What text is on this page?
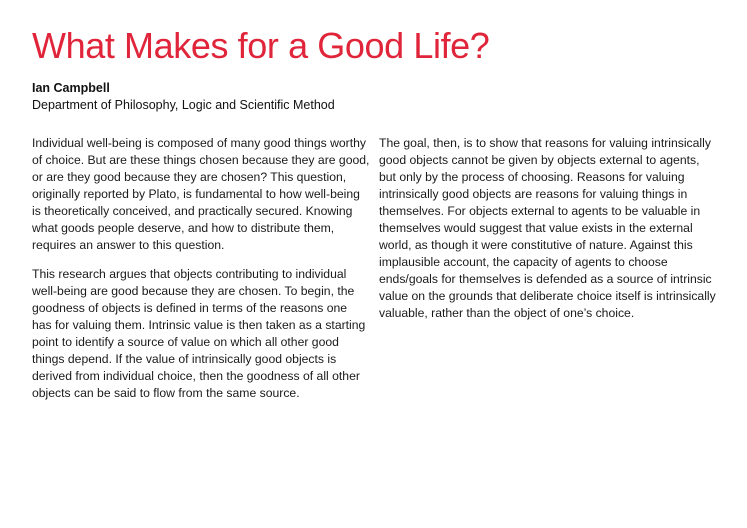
What Makes for a Good Life?
Ian Campbell
Department of Philosophy, Logic and Scientific Method

Individual well-being is composed of many good things worthy of choice. But are these things chosen because they are good, or are they good because they are chosen? This question, originally reported by Plato, is fundamental to how well-being is theoretically conceived, and practically secured. Knowing what goods people deserve, and how to distribute them, requires an answer to this question.

This research argues that objects contributing to individual well-being are good because they are chosen. To begin, the goodness of objects is defined in terms of the reasons one has for valuing them. Intrinsic value is then taken as a starting point to identify a source of value on which all other good things depend. If the value of intrinsically good objects is derived from individual choice, then the goodness of all other objects can be said to flow from the same source.

The goal, then, is to show that reasons for valuing intrinsically good objects cannot be given by objects external to agents, but only by the process of choosing. Reasons for valuing intrinsically good objects are reasons for valuing things in themselves. For objects external to agents to be valuable in themselves would suggest that value exists in the external world, as though it were constitutive of nature. Against this implausible account, the capacity of agents to choose ends/goals for themselves is defended as a source of intrinsic value on the grounds that deliberate choice itself is intrinsically valuable, rather than the object of one’s choice.
